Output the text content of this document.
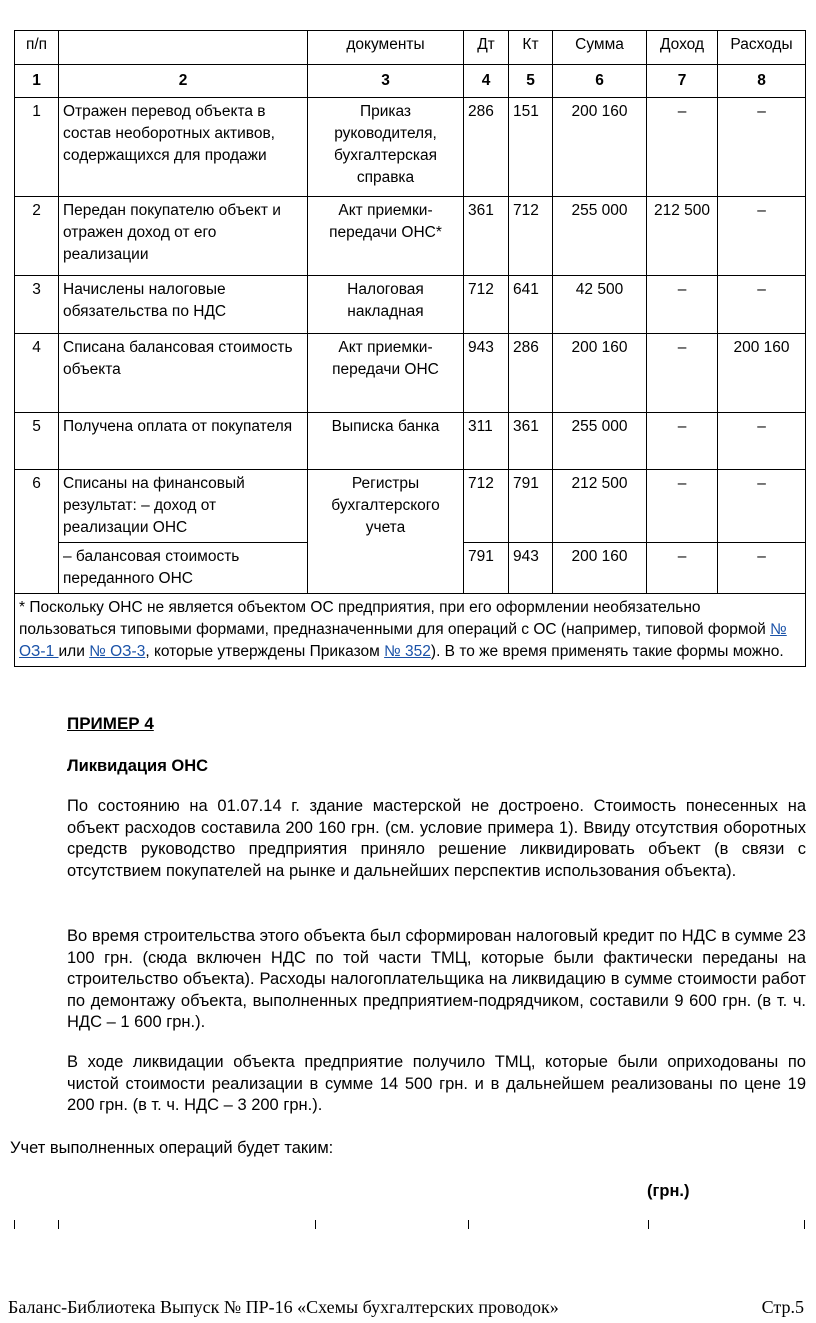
п/п		документы	Дт	Кт	Сумма	Доход	Расходы
1	2	3	4	5	6	7	8
1	Отражен перевод объекта в состав необоротных активов, содержащихся для продажи	Приказ руководителя, бухгалтерская справка	286	151	200 160	–	–
2	Передан покупателю объект и отражен доход от его реализации	Акт приемки-передачи ОНС*	361	712	255 000	212 500	–
3	Начислены налоговые обязательства по НДС	Налоговая накладная	712	641	42 500	–	–
4	Списана балансовая стоимость объекта	Акт приемки-передачи ОНС	943	286	200 160	–	200 160
5	Получена оплата от покупателя	Выписка банка	311	361	255 000	–	–
6	Списаны на финансовый результат: – доход от реализации ОНС	Регистры бухгалтерского учета	712	791	212 500	–	–
	– балансовая стоимость переданного ОНС		791	943	200 160	–	–
* Поскольку ОНС не является объектом ОС предприятия, при его оформлении необязательно пользоваться типовыми формами, предназначенными для операций с ОС (например, типовой формой № ОЗ-1 или № ОЗ-3, которые утверждены Приказом № 352). В то же время применять такие формы можно.							

ПРИМЕР 4

Ликвидация ОНС

По состоянию на 01.07.14 г. здание мастерской не достроено. Стоимость понесенных на объект расходов составила 200 160 грн. (см. условие примера 1). Ввиду отсутствия оборотных средств руководство предприятия приняло решение ликвидировать объект (в связи с отсутствием покупателей на рынке и дальнейших перспектив использования объекта).

Во время строительства этого объекта был сформирован налоговый кредит по НДС в сумме 23 100 грн. (сюда включен НДС по той части ТМЦ, которые были фактически переданы на строительство объекта). Расходы налогоплательщика на ликвидацию в сумме стоимости работ по демонтажу объекта, выполненных предприятием-подрядчиком, составили 9 600 грн. (в т. ч. НДС – 1 600 грн.).

В ходе ликвидации объекта предприятие получило ТМЦ, которые были оприходованы по чистой стоимости реализации в сумме 14 500 грн. и в дальнейшем реализованы по цене 19 200 грн. (в т. ч. НДС – 3 200 грн.).

Учет выполненных операций будет таким:

(грн.)

Баланс-Библиотека Выпуск № ПР-16 «Схемы бухгалтерских проводок»	Стр.5
